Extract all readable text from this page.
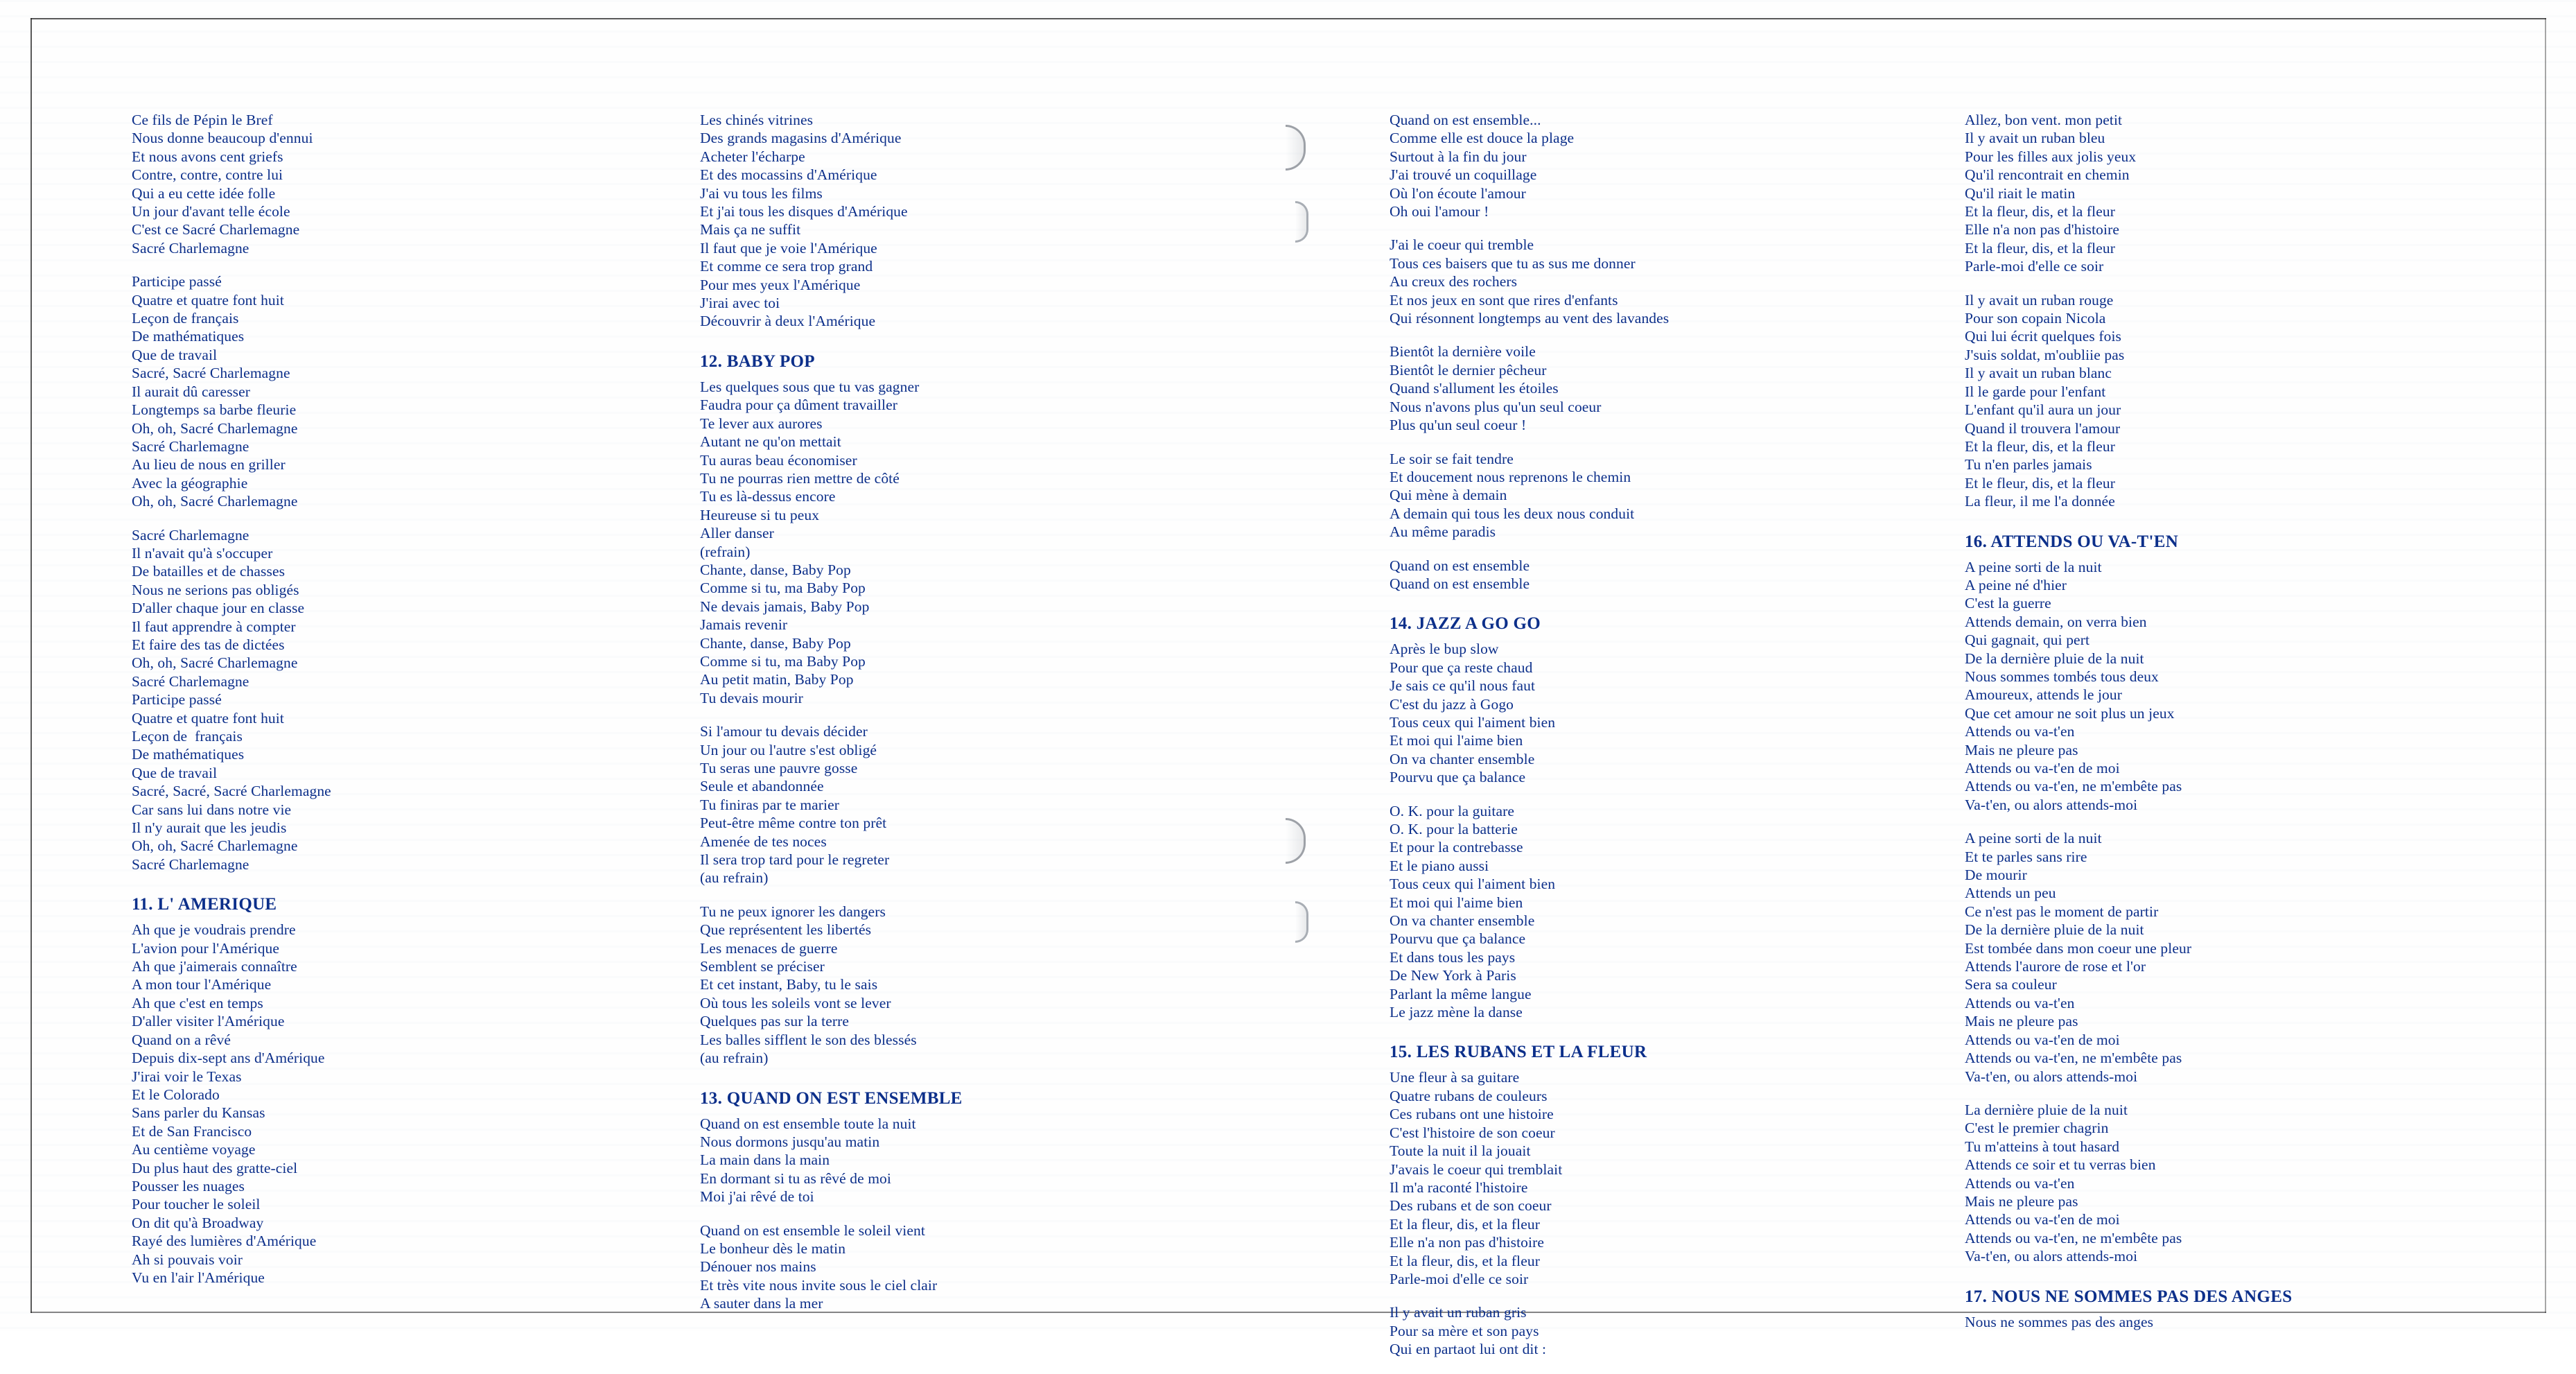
Ce fils de Pépin le Bref
Nous donne beaucoup d'ennui
Et nous avons cent griefs
Contre, contre, contre lui
Qui a eu cette idée folle
Un jour d'avant telle école
C'est ce Sacré Charlemagne
Sacré Charlemagne
Participe passé
Quatre et quatre font huit
Leçon de français
De mathématiques
Que de travail
Sacré, Sacré Charlemagne
Il aurait dû caresser
Longtemps sa barbe fleurie
Oh, oh, Sacré Charlemagne
Sacré Charlemagne
Au lieu de nous en griller
Avec la géographie
Oh, oh, Sacré Charlemagne
Sacré Charlemagne
Il n'avait qu'à s'occuper
De batailles et de chasses
Nous ne serions pas obligés
D'aller chaque jour en classe
Il faut apprendre à compter
Et faire des tas de dictées
Oh, oh, Sacré Charlemagne
Sacré Charlemagne
Participe passé
Quatre et quatre font huit
Leçon de  français
De mathématiques
Que de travail
Sacré, Sacré, Sacré Charlemagne
Car sans lui dans notre vie
Il n'y aurait que les jeudis
Oh, oh, Sacré Charlemagne
Sacré Charlemagne
11. L' AMERIQUE
Ah que je voudrais prendre
L'avion pour l'Amérique
Ah que j'aimerais connaître
A mon tour l'Amérique
Ah que c'est en temps
D'aller visiter l'Amérique
Quand on a rêvé
Depuis dix-sept ans d'Amérique
J'irai voir le Texas
Et le Colorado
Sans parler du Kansas
Et de San Francisco
Au centième voyage
Du plus haut des gratte-ciel
Pousser les nuages
Pour toucher le soleil
On dit qu'à Broadway
Rayé des lumières d'Amérique
Ah si pouvais voir
Vu en l'air l'Amérique
Les chinés vitrines
Des grands magasins d'Amérique
Acheter l'écharpe
Et des mocassins d'Amérique
J'ai vu tous les films
Et j'ai tous les disques d'Amérique
Mais ça ne suffit
Il faut que je voie l'Amérique
Et comme ce sera trop grand
Pour mes yeux l'Amérique
J'irai avec toi
Découvrir à deux l'Amérique
12. BABY POP
Les quelques sous que tu vas gagner
Faudra pour ça dûment travailler
Te lever aux aurores
Autant ne qu'on mettait
Tu auras beau économiser
Tu ne pourras rien mettre de côté
Tu es là-dessus encore
Heureuse si tu peux
Aller danser
(refrain)
Chante, danse, Baby Pop
Comme si tu, ma Baby Pop
Ne devais jamais, Baby Pop
Jamais revenir
Chante, danse, Baby Pop
Comme si tu, ma Baby Pop
Au petit matin, Baby Pop
Tu devais mourir
Si l'amour tu devais décider
Un jour ou l'autre s'est obligé
Tu seras une pauvre gosse
Seule et abandonnée
Tu finiras par te marier
Peut-être même contre ton prêt
Amenée de tes noces
Il sera trop tard pour le regreter
(au refrain)
Tu ne peux ignorer les dangers
Que représentent les libertés
Les menaces de guerre
Semblent se préciser
Et cet instant, Baby, tu le sais
Où tous les soleils vont se lever
Quelques pas sur la terre
Les balles sifflent le son des blessés
(au refrain)
13. QUAND ON EST ENSEMBLE
Quand on est ensemble toute la nuit
Nous dormons jusqu'au matin
La main dans la main
En dormant si tu as rêvé de moi
Moi j'ai rêvé de toi
Quand on est ensemble le soleil vient
Le bonheur dès le matin
Dénouer nos mains
Et très vite nous invite sous le ciel clair
A sauter dans la mer
Quand on est ensemble...
Comme elle est douce la plage
Surtout à la fin du jour
J'ai trouvé un coquillage
Où l'on écoute l'amour
Oh oui l'amour !
J'ai le coeur qui tremble
Tous ces baisers que tu as sus me donner
Au creux des rochers
Et nos jeux en sont que rires d'enfants
Qui résonnent longtemps au vent des lavandes
Bientôt la dernière voile
Bientôt le dernier pêcheur
Quand s'allument les étoiles
Nous n'avons plus qu'un seul coeur
Plus qu'un seul coeur !
Le soir se fait tendre
Et doucement nous reprenons le chemin
Qui mène à demain
A demain qui tous les deux nous conduit
Au même paradis
Quand on est ensemble
Quand on est ensemble
14. JAZZ A GO GO
Après le bup slow
Pour que ça reste chaud
Je sais ce qu'il nous faut
C'est du jazz à Gogo
Tous ceux qui l'aiment bien
Et moi qui l'aime bien
On va chanter ensemble
Pourvu que ça balance
O. K. pour la guitare
O. K. pour la batterie
Et pour la contrebasse
Et le piano aussi
Tous ceux qui l'aiment bien
Et moi qui l'aime bien
On va chanter ensemble
Pourvu que ça balance
Et dans tous les pays
De New York à Paris
Parlant la même langue
Le jazz mène la danse
15. LES RUBANS ET LA FLEUR
Une fleur à sa guitare
Quatre rubans de couleurs
Ces rubans ont une histoire
C'est l'histoire de son coeur
Toute la nuit il la jouait
J'avais le coeur qui tremblait
Il m'a raconté l'histoire
Des rubans et de son coeur
Et la fleur, dis, et la fleur
Elle n'a non pas d'histoire
Et la fleur, dis, et la fleur
Parle-moi d'elle ce soir
Il y avait un ruban gris
Pour sa mère et son pays
Qui en partaot lui ont dit :
Allez, bon vent. mon petit
Il y avait un ruban bleu
Pour les filles aux jolis yeux
Qu'il rencontrait en chemin
Qu'il riait le matin
Et la fleur, dis, et la fleur
Elle n'a non pas d'histoire
Et la fleur, dis, et la fleur
Parle-moi d'elle ce soir
Il y avait un ruban rouge
Pour son copain Nicola
Qui lui écrit quelques fois
J'suis soldat, m'oubliie pas
Il y avait un ruban blanc
Il le garde pour l'enfant
L'enfant qu'il aura un jour
Quand il trouvera l'amour
Et la fleur, dis, et la fleur
Tu n'en parles jamais
Et le fleur, dis, et la fleur
La fleur, il me l'a donnée
16. ATTENDS OU VA-T'EN
A peine sorti de la nuit
A peine né d'hier
C'est la guerre
Attends demain, on verra bien
Qui gagnait, qui pert
De la dernière pluie de la nuit
Nous sommes tombés tous deux
Amoureux, attends le jour
Que cet amour ne soit plus un jeux
Attends ou va-t'en
Mais ne pleure pas
Attends ou va-t'en de moi
Attends ou va-t'en, ne m'embête pas
Va-t'en, ou alors attends-moi
A peine sorti de la nuit
Et te parles sans rire
De mourir
Attends un peu
Ce n'est pas le moment de partir
De la dernière pluie de la nuit
Est tombée dans mon coeur une pleur
Attends l'aurore de rose et l'or
Sera sa couleur
Attends ou va-t'en
Mais ne pleure pas
Attends ou va-t'en de moi
Attends ou va-t'en, ne m'embête pas
Va-t'en, ou alors attends-moi
La dernière pluie de la nuit
C'est le premier chagrin
Tu m'atteins à tout hasard
Attends ce soir et tu verras bien
Attends ou va-t'en
Mais ne pleure pas
Attends ou va-t'en de moi
Attends ou va-t'en, ne m'embête pas
Va-t'en, ou alors attends-moi
17. NOUS NE SOMMES PAS DES ANGES
Nous ne sommes pas des anges
